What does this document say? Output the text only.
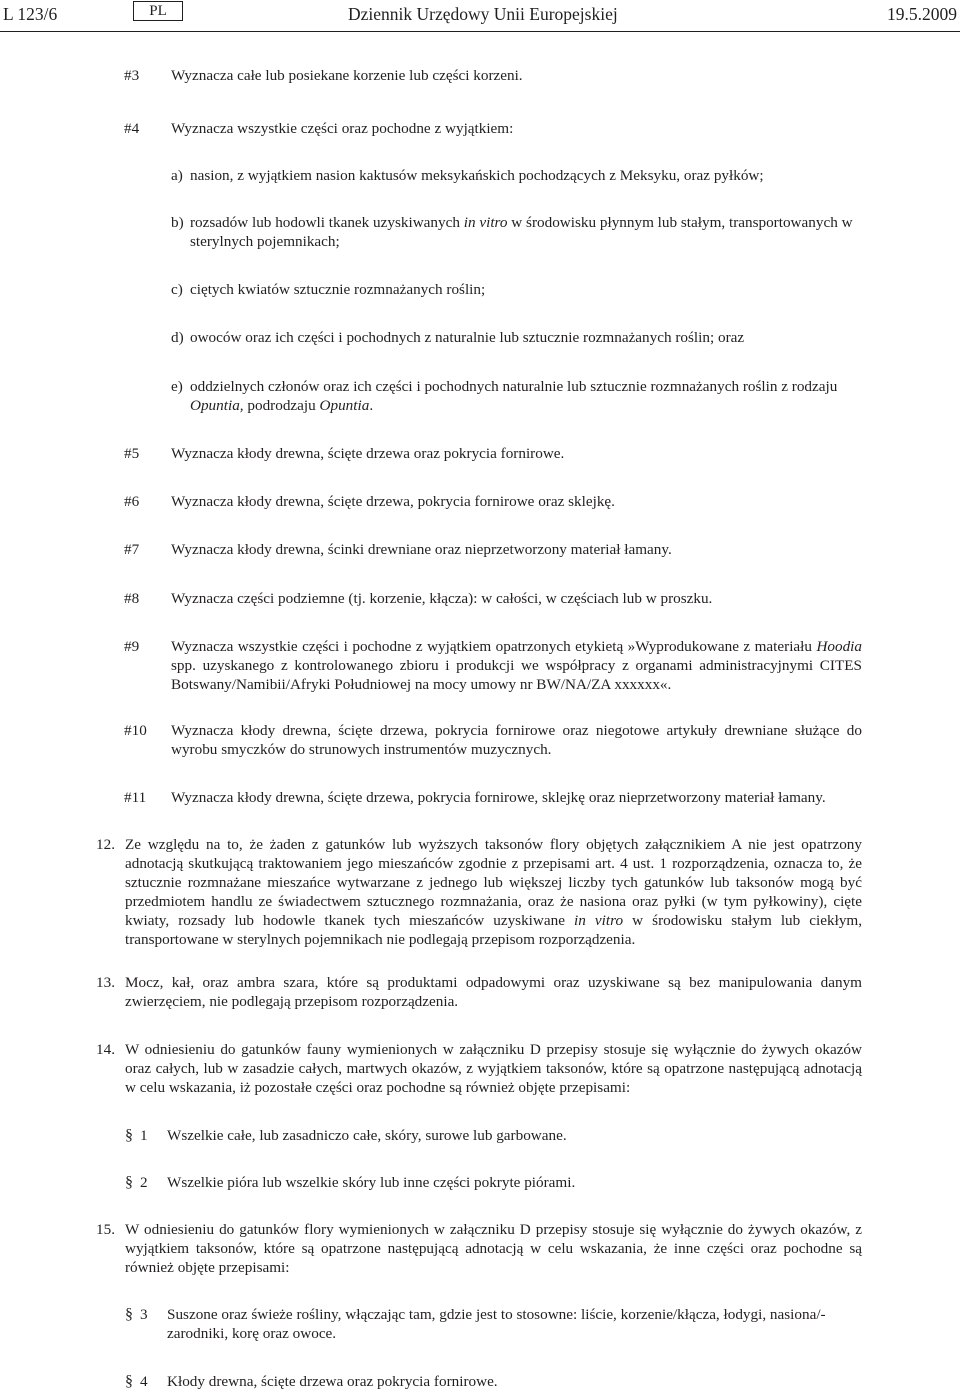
L 123/6	PL	Dziennik Urzędowy Unii Europejskiej	19.5.2009
#3 Wyznacza całe lub posiekane korzenie lub części korzeni.
#4 Wyznacza wszystkie części oraz pochodne z wyjątkiem:
a) nasion, z wyjątkiem nasion kaktusów meksykańskich pochodzących z Meksyku, oraz pyłków;
b) rozsadów lub hodowli tkanek uzyskiwanych in vitro w środowisku płynnym lub stałym, transportowanych w sterylnych pojemnikach;
c) ciętych kwiatów sztucznie rozmnażanych roślin;
d) owoców oraz ich części i pochodnych z naturalnie lub sztucznie rozmnażanych roślin; oraz
e) oddzielnych członów oraz ich części i pochodnych naturalnie lub sztucznie rozmnażanych roślin z rodzaju Opuntia, podrodzaju Opuntia.
#5 Wyznacza kłody drewna, ścięte drzewa oraz pokrycia fornirowe.
#6 Wyznacza kłody drewna, ścięte drzewa, pokrycia fornirowe oraz sklejkę.
#7 Wyznacza kłody drewna, ścinki drewniane oraz nieprzetworzony materiał łamany.
#8 Wyznacza części podziemne (tj. korzenie, kłącza): w całości, w częściach lub w proszku.
#9 Wyznacza wszystkie części i pochodne z wyjątkiem opatrzonych etykietą »Wyprodukowane z materiału Hoodia spp. uzyskanego z kontrolowanego zbioru i produkcji we współpracy z organami administracyjnymi CITES Botswany/Namibii/Afryki Południowej na mocy umowy nr BW/NA/ZA xxxxxx«.
#10 Wyznacza kłody drewna, ścięte drzewa, pokrycia fornirowe oraz niegotowe artykuły drewniane służące do wyrobu smyczków do strunowych instrumentów muzycznych.
#11 Wyznacza kłody drewna, ścięte drzewa, pokrycia fornirowe, sklejkę oraz nieprzetworzony materiał łamany.
12. Ze względu na to, że żaden z gatunków lub wyższych taksonów flory objętych załącznikiem A nie jest opatrzony adnotacją skutkującą traktowaniem jego mieszańców zgodnie z przepisami art. 4 ust. 1 rozporządzenia, oznacza to, że sztucznie rozmnażane mieszańce wytwarzane z jednego lub większej liczby tych gatunków lub taksonów mogą być przedmiotem handlu ze świadectwem sztucznego rozmnażania, oraz że nasiona oraz pyłki (w tym pyłkowiny), cięte kwiaty, rozsady lub hodowle tkanek tych mieszańców uzyskiwane in vitro w środowisku stałym lub ciekłym, transportowane w sterylnych pojemnikach nie podlegają przepisom rozporządzenia.
13. Mocz, kał, oraz ambra szara, które są produktami odpadowymi oraz uzyskiwane są bez manipulowania danym zwierzęciem, nie podlegają przepisom rozporządzenia.
14. W odniesieniu do gatunków fauny wymienionych w załączniku D przepisy stosuje się wyłącznie do żywych okazów oraz całych, lub w zasadzie całych, martwych okazów, z wyjątkiem taksonów, które są opatrzone następującą adnotacją w celu wskazania, iż pozostałe części oraz pochodne są również objęte przepisami:
§ 1 Wszelkie całe, lub zasadniczo całe, skóry, surowe lub garbowane.
§ 2 Wszelkie pióra lub wszelkie skóry lub inne części pokryte piórami.
15. W odniesieniu do gatunków flory wymienionych w załączniku D przepisy stosuje się wyłącznie do żywych okazów, z wyjątkiem taksonów, które są opatrzone następującą adnotacją w celu wskazania, że inne części oraz pochodne są również objęte przepisami:
§ 3 Suszone oraz świeże rośliny, włączając tam, gdzie jest to stosowne: liście, korzenie/kłącza, łodygi, nasiona/-zarodniki, korę oraz owoce.
§ 4 Kłody drewna, ścięte drzewa oraz pokrycia fornirowe.
